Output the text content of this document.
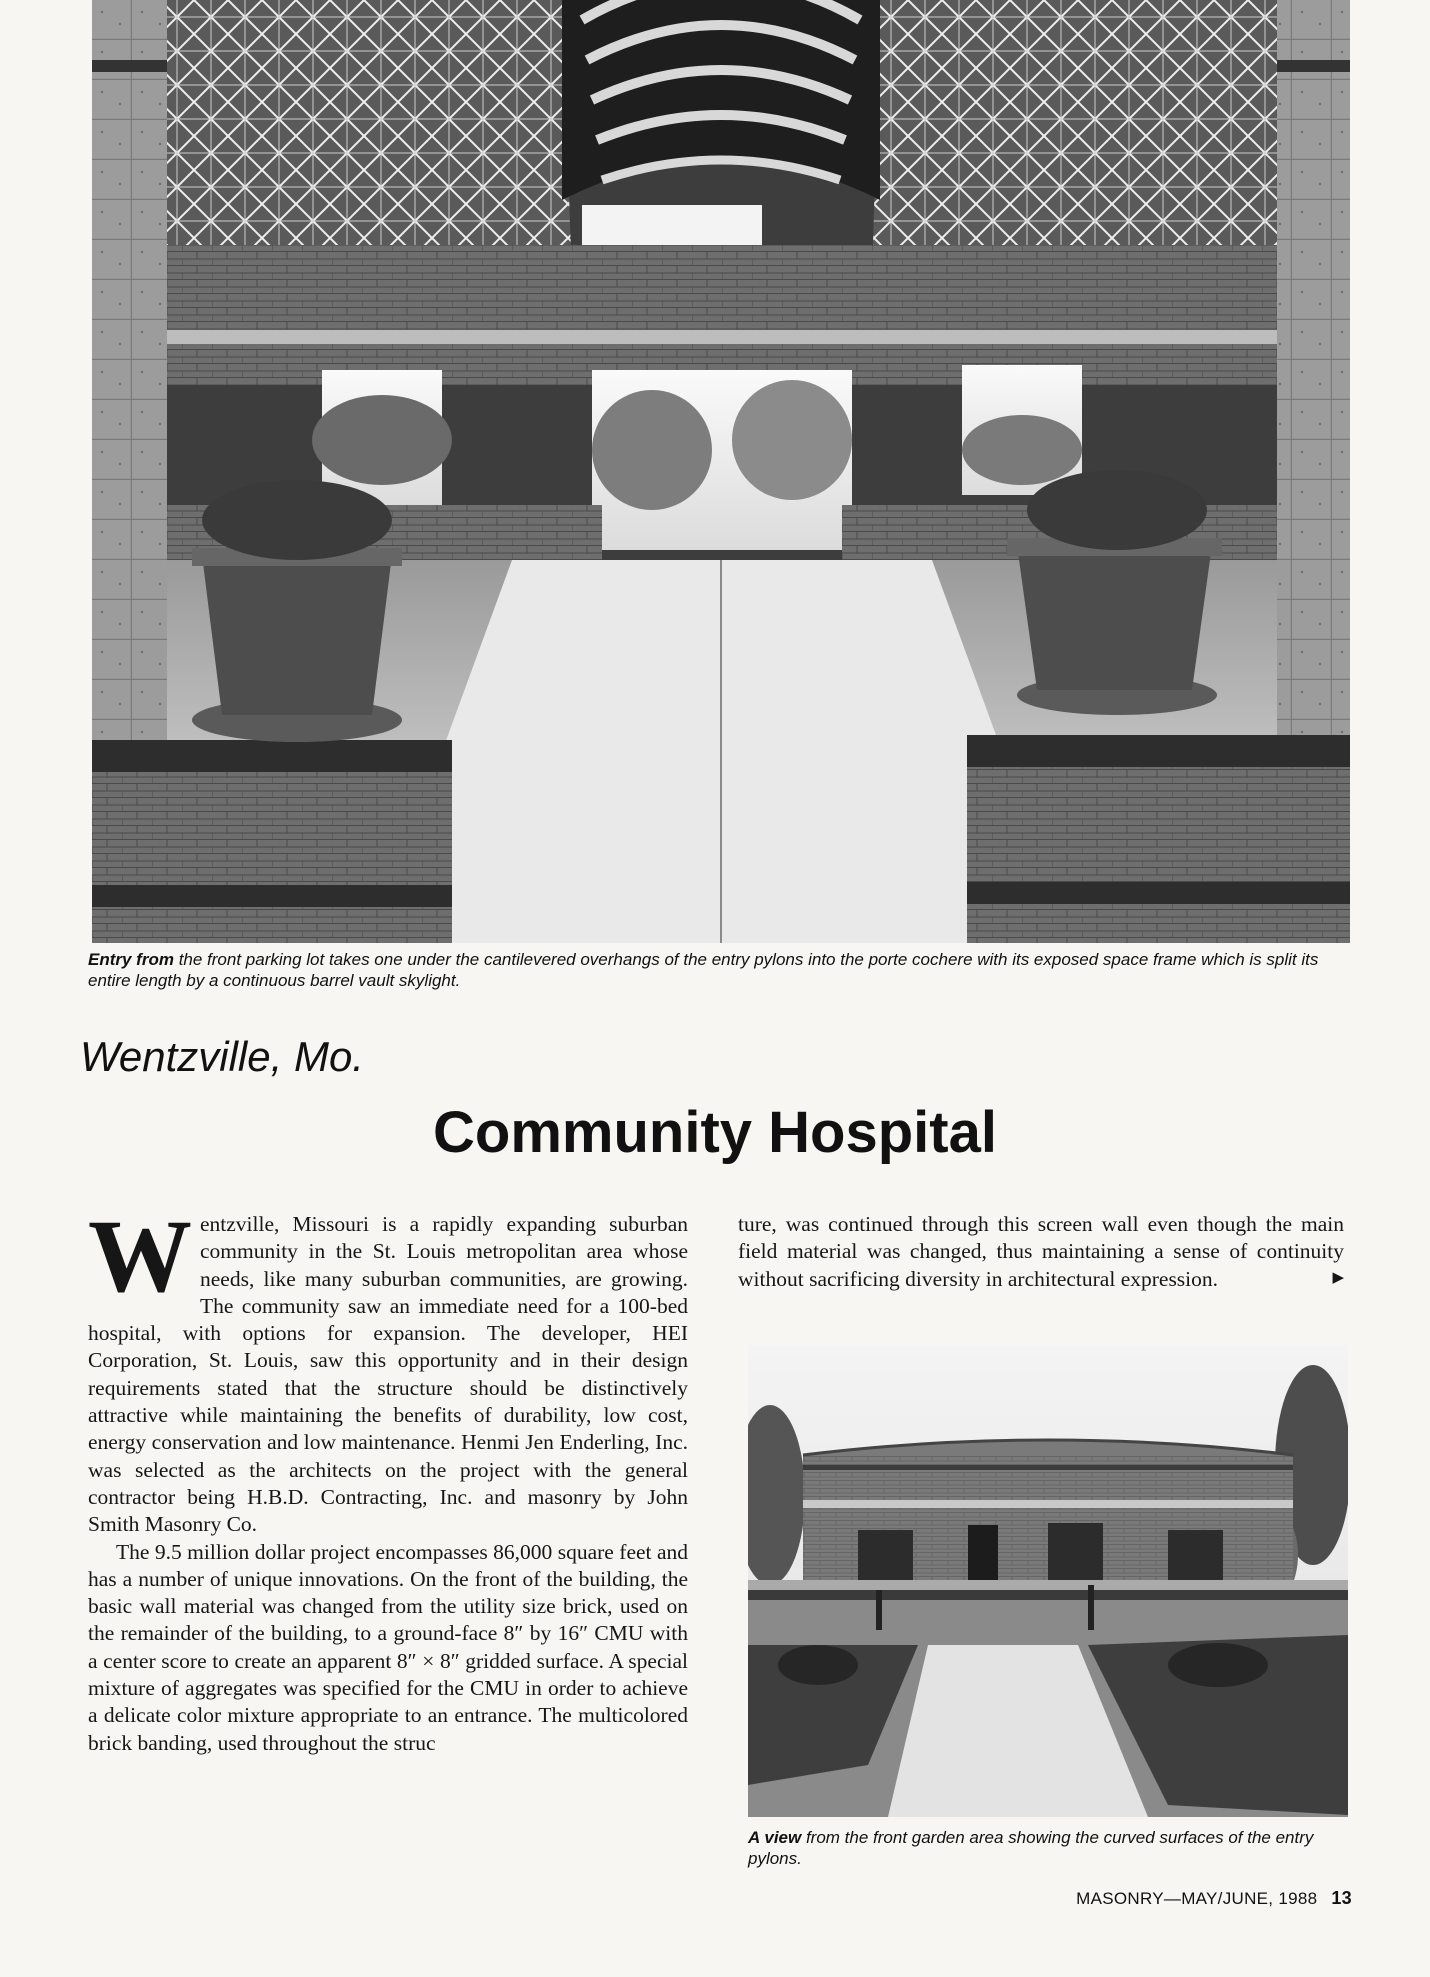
Entry from the front parking lot takes one under the cantilevered overhangs of the entry pylons into the porte cochere with its exposed space frame which is split its entire length by a continuous barrel vault skylight.
Wentzville, Mo.
Community Hospital

Wentzville, Missouri is a rapidly expanding suburban community in the St. Louis metropolitan area whose needs, like many suburban communities, are growing. The community saw an immediate need for a 100-bed hospital, with options for expansion. The developer, HEI Corporation, St. Louis, saw this opportunity and in their design requirements stated that the structure should be distinctively attractive while maintaining the benefits of durability, low cost, energy conservation and low maintenance. Henmi Jen Enderling, Inc. was selected as the architects on the project with the general contractor being H.B.D. Contracting, Inc. and masonry by John Smith Masonry Co.

The 9.5 million dollar project encompasses 86,000 square feet and has a number of unique innovations. On the front of the building, the basic wall material was changed from the utility size brick, used on the remainder of the building, to a ground-face 8″ by 16″ CMU with a center score to create an apparent 8″ × 8″ gridded surface. A special mixture of aggregates was specified for the CMU in order to achieve a delicate color mixture appropriate to an entrance. The multicolored brick banding, used throughout the struc

ture, was continued through this screen wall even though the main field material was changed, thus maintaining a sense of continuity without sacrificing diversity in architectural expression.	▶
A view from the front garden area showing the curved surfaces of the entry pylons.
MASONRY—MAY/JUNE, 1988 13
